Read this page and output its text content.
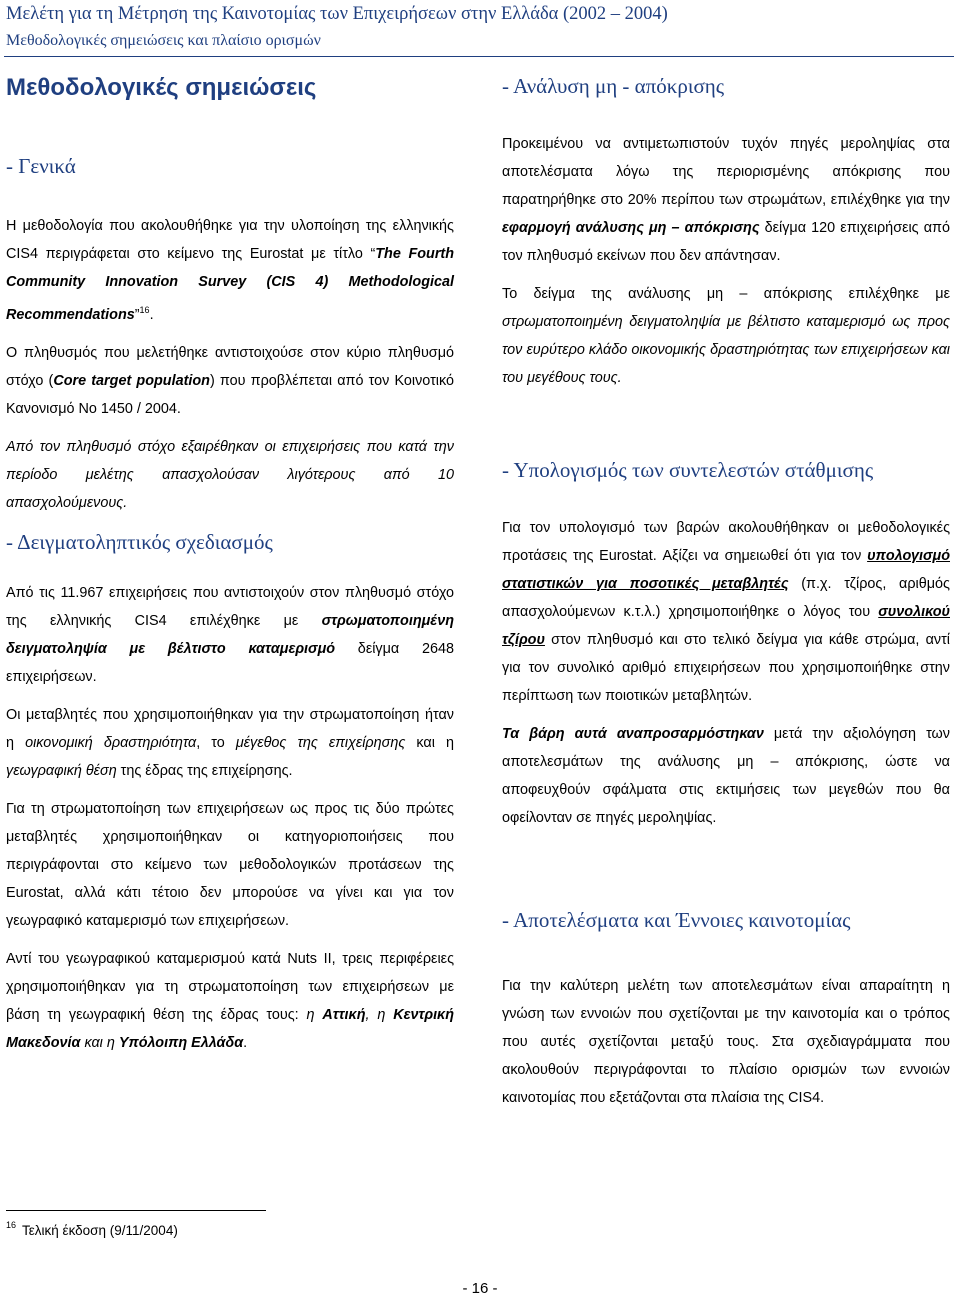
Μελέτη για τη Μέτρηση της Καινοτομίας των Επιχειρήσεων στην Ελλάδα (2002 – 2004)
Μεθοδολογικές σημειώσεις και πλαίσιο ορισμών
Μεθοδολογικές σημειώσεις
- Γενικά

Η μεθοδολογία που ακολουθήθηκε για την υλοποίηση της ελληνικής CIS4 περιγράφεται στο κείμενο της Eurostat με τίτλο “The Fourth Community Innovation Survey (CIS 4) Methodological Recommendations”$^{16}$.

Ο πληθυσμός που μελετήθηκε αντιστοιχούσε στον κύριο πληθυσμό στόχο (Core target population) που προβλέπεται από τον Κοινοτικό Κανονισμό Νο 1450 / 2004.

Από τον πληθυσμό στόχο εξαιρέθηκαν οι επιχειρήσεις που κατά την περίοδο μελέτης απασχολούσαν λιγότερους από 10 απασχολούμενους.

- Δειγματοληπτικός σχεδιασμός

Από τις 11.967 επιχειρήσεις που αντιστοιχούν στον πληθυσμό στόχο της ελληνικής CIS4 επιλέχθηκε με στρωματοποιημένη δειγματοληψία με βέλτιστο καταμερισμό δείγμα 2648 επιχειρήσεων.

Οι μεταβλητές που χρησιμοποιήθηκαν για την στρωματοποίηση ήταν η οικονομική δραστηριότητα, το μέγεθος της επιχείρησης και η γεωγραφική θέση της έδρας της επιχείρησης.

Για τη στρωματοποίηση των επιχειρήσεων ως προς τις δύο πρώτες μεταβλητές χρησιμοποιήθηκαν οι κατηγοριοποιήσεις που περιγράφονται στο κείμενο των μεθοδολογικών προτάσεων της Eurostat, αλλά κάτι τέτοιο δεν μπορούσε να γίνει και για τον γεωγραφικό καταμερισμό των επιχειρήσεων.

Αντί του γεωγραφικού καταμερισμού κατά Nuts II, τρεις περιφέρειες χρησιμοποιήθηκαν για τη στρωματοποίηση των επιχειρήσεων με βάση τη γεωγραφική θέση της έδρας τους: η Αττική, η Κεντρική Μακεδονία και η Υπόλοιπη Ελλάδα.

- Ανάλυση μη - απόκρισης

Προκειμένου να αντιμετωπιστούν τυχόν πηγές μεροληψίας στα αποτελέσματα λόγω της περιορισμένης απόκρισης που παρατηρήθηκε στο 20% περίπου των στρωμάτων, επιλέχθηκε για την εφαρμογή ανάλυσης μη – απόκρισης δείγμα 120 επιχειρήσεις από τον πληθυσμό εκείνων που δεν απάντησαν.

Το δείγμα της ανάλυσης μη – απόκρισης επιλέχθηκε με στρωματοποιημένη δειγματοληψία με βέλτιστο καταμερισμό ως προς τον ευρύτερο κλάδο οικονομικής δραστηριότητας των επιχειρήσεων και του μεγέθους τους.

- Υπολογισμός των συντελεστών στάθμισης

Για τον υπολογισμό των βαρών ακολουθήθηκαν οι μεθοδολογικές προτάσεις της Eurostat. Αξίζει να σημειωθεί ότι για τον υπολογισμό στατιστικών για ποσοτικές μεταβλητές (π.χ. τζίρος, αριθμός απασχολούμενων κ.τ.λ.) χρησιμοποιήθηκε ο λόγος του συνολικού τζίρου στον πληθυσμό και στο τελικό δείγμα για κάθε στρώμα, αντί για τον συνολικό αριθμό επιχειρήσεων που χρησιμοποιήθηκε στην περίπτωση των ποιοτικών μεταβλητών.

Τα βάρη αυτά αναπροσαρμόστηκαν μετά την αξιολόγηση των αποτελεσμάτων της ανάλυσης μη – απόκρισης, ώστε να αποφευχθούν σφάλματα στις εκτιμήσεις των μεγεθών που θα οφείλονταν σε πηγές μεροληψίας.

- Αποτελέσματα και Έννοιες καινοτομίας

Για την καλύτερη μελέτη των αποτελεσμάτων είναι απαραίτητη η γνώση των εννοιών που σχετίζονται με την καινοτομία και ο τρόπος που αυτές σχετίζονται μεταξύ τους. Στα σχεδιαγράμματα που ακολουθούν περιγράφονται το πλαίσιο ορισμών των εννοιών καινοτομίας που εξετάζονται στα πλαίσια της CIS4.

$^{16}$ Τελική έκδοση (9/11/2004)
- 16 -
